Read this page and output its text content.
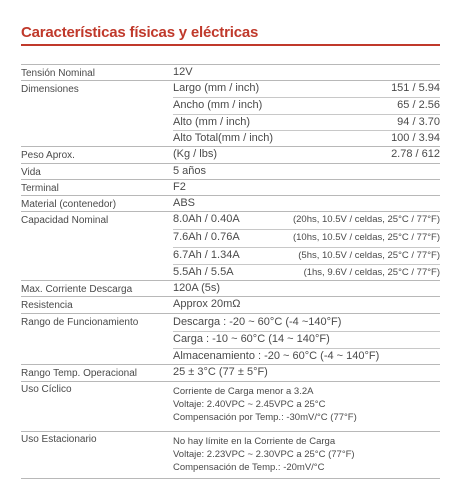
Características físicas y eléctricas
Tensión Nominal	12V
Dimensiones	Largo (mm / inch)	151 / 5.94
Ancho (mm / inch)	65 / 2.56
Alto (mm / inch)	94 / 3.70
Alto Total(mm / inch)	100 / 3.94
Peso Aprox.	(Kg / lbs)	2.78 / 612
Vida	5 años
Terminal	F2
Material (contenedor)	ABS
Capacidad Nominal	8.0Ah / 0.40A	(20hs, 10.5V / celdas, 25°C / 77°F)
7.6Ah / 0.76A	(10hs, 10.5V / celdas, 25°C / 77°F)
6.7Ah / 1.34A	(5hs, 10.5V / celdas, 25°C / 77°F)
5.5Ah / 5.5A	(1hs, 9.6V / celdas, 25°C / 77°F)
Max. Corriente Descarga	120A (5s)
Resistencia	Approx 20mΩ
Rango de Funcionamiento	Descarga : -20 ~ 60°C (-4 ~140°F)
Carga : -10 ~ 60°C (14 ~ 140°F)
Almacenamiento : -20 ~ 60°C (-4 ~ 140°F)
Rango Temp. Operacional	25 ± 3°C (77 ± 5°F)
Uso Cíclico	Corriente de Carga menor a 3.2A
Voltaje: 2.40VPC ~ 2.45VPC a 25°C
Compensación por Temp.: -30mV/°C (77°F)
Uso Estacionario	No hay límite en la Corriente de Carga
Voltaje: 2.23VPC ~ 2.30VPC a 25°C (77°F)
Compensación de Temp.: -20mV/°C
